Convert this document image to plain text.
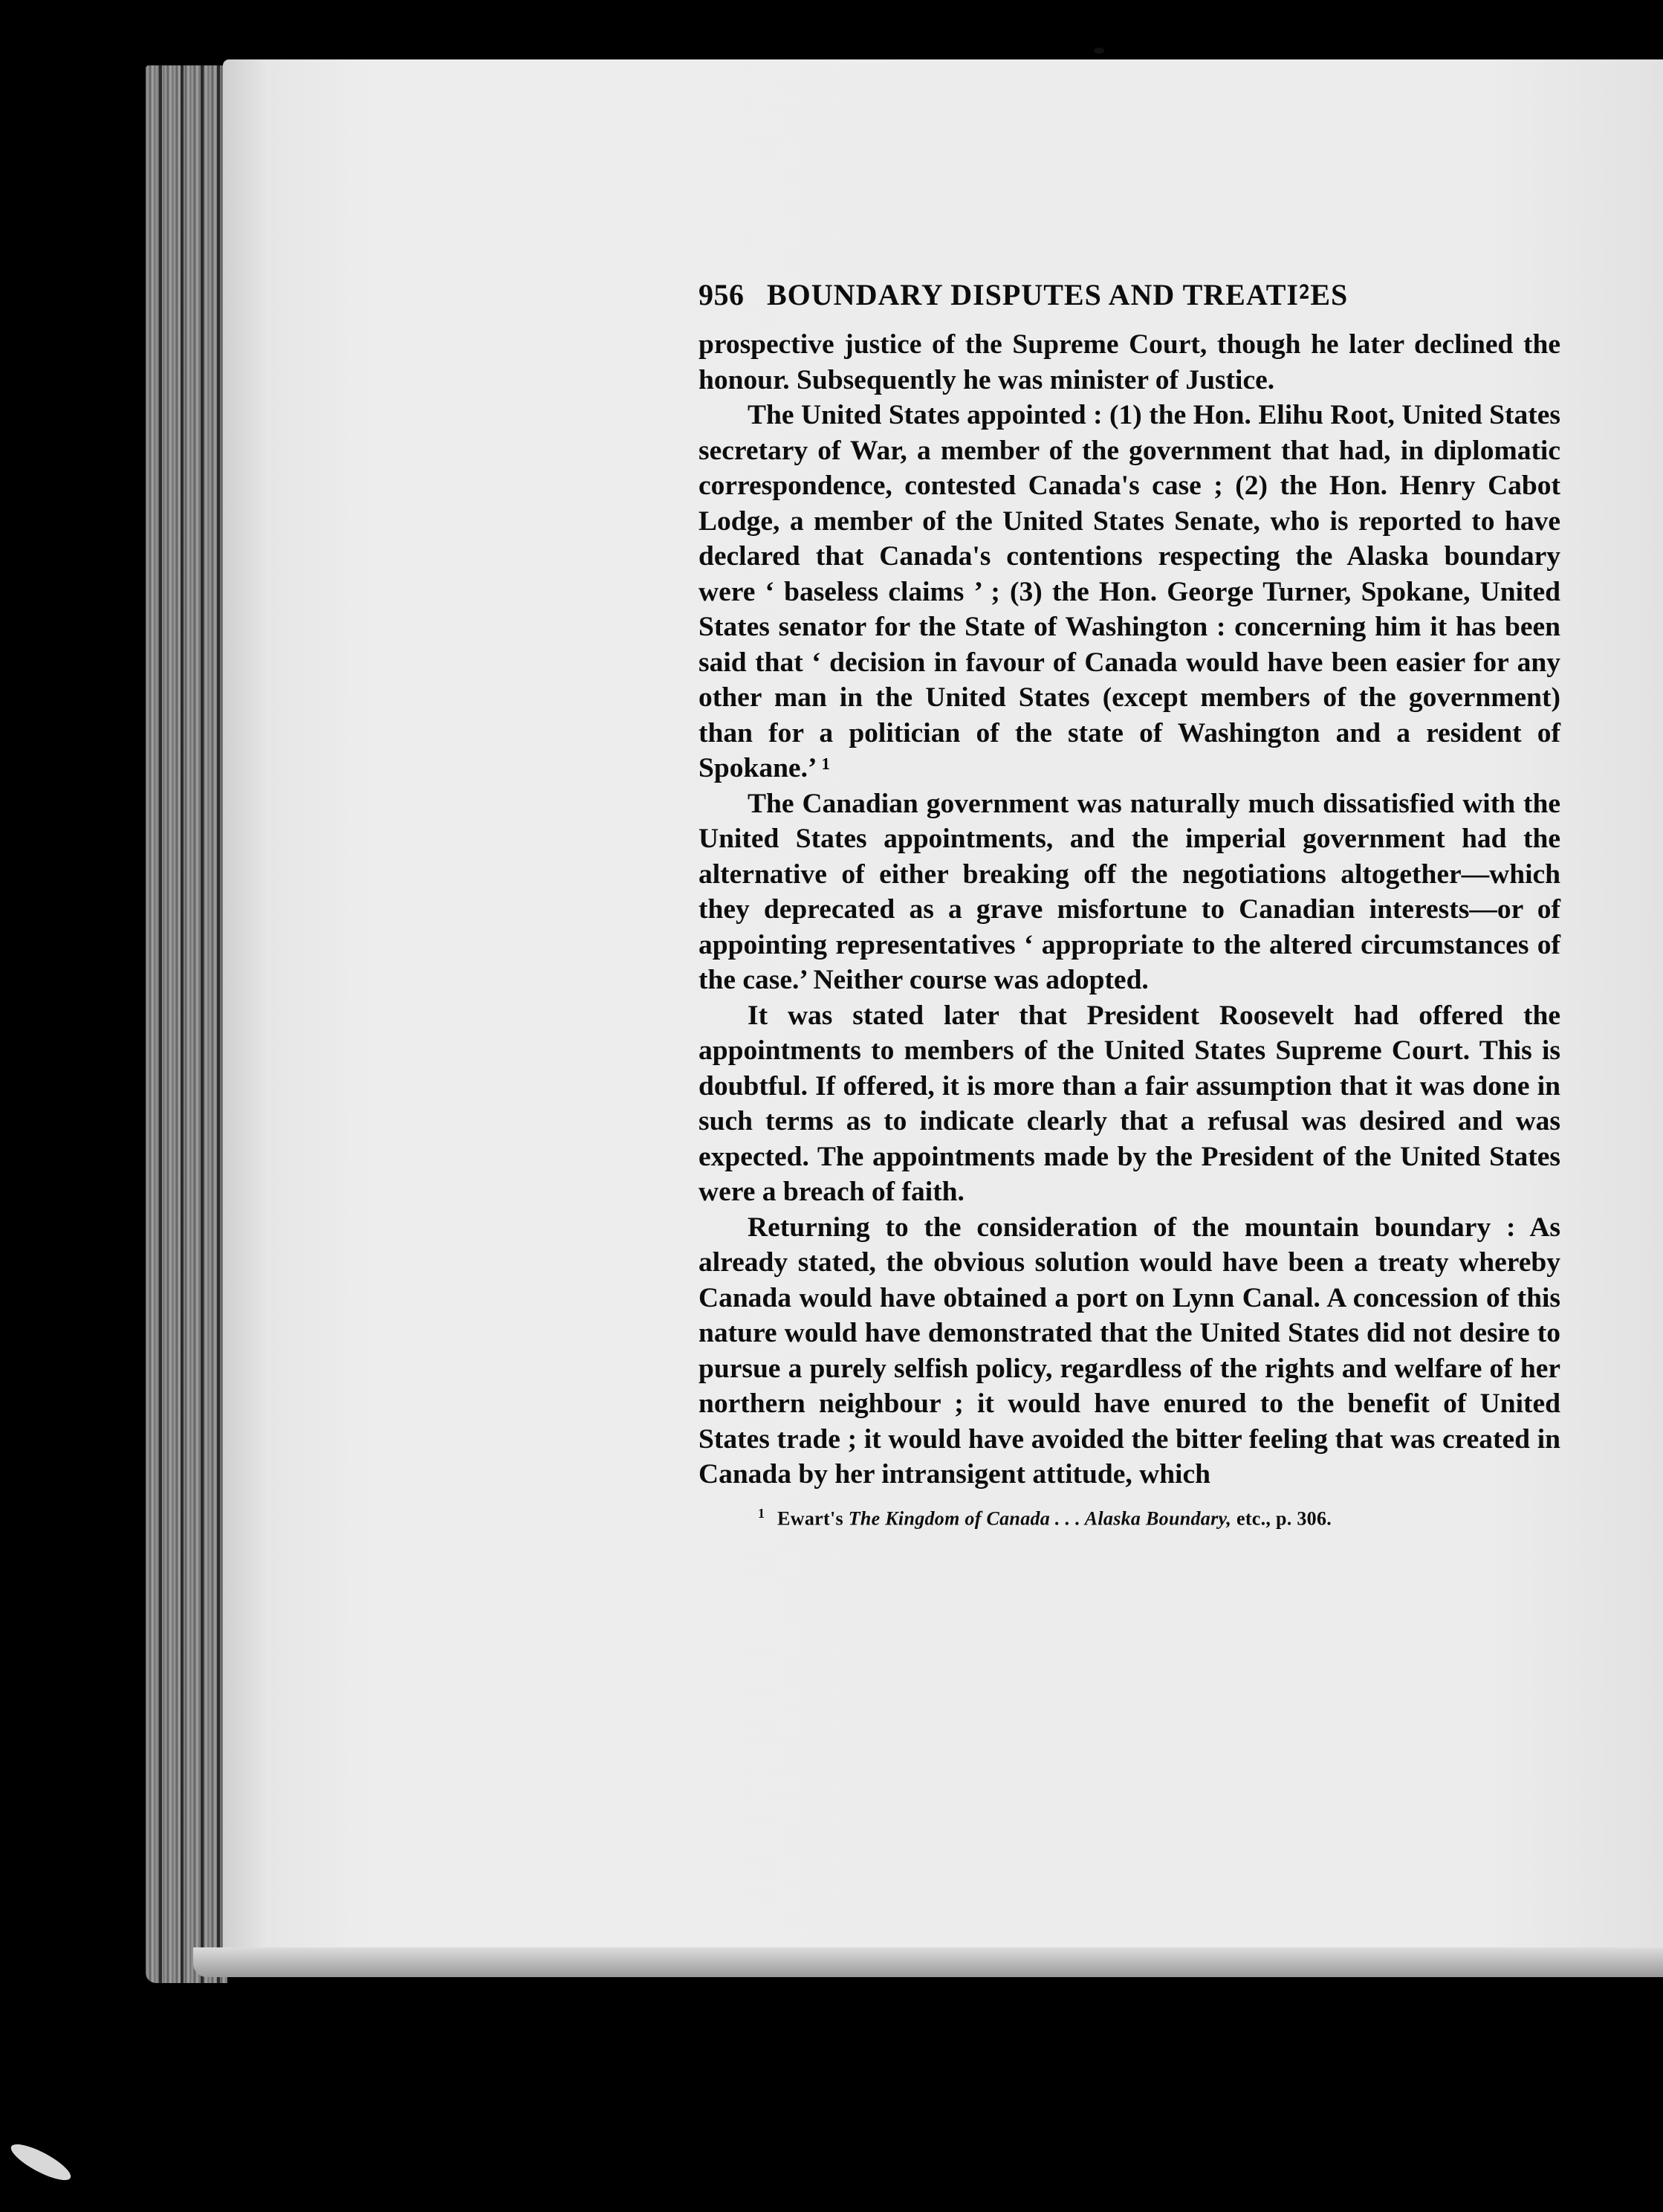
956 BOUNDARY DISPUTES AND TREATI⁲ES

prospective justice of the Supreme Court, though he later declined the honour. Subsequently he was minister of Justice.

The United States appointed : (1) the Hon. Elihu Root, United States secretary of War, a member of the government that had, in diplomatic correspondence, contested Canada's case ; (2) the Hon. Henry Cabot Lodge, a member of the United States Senate, who is reported to have declared that Canada's contentions respecting the Alaska boundary were ‘ baseless claims ’ ; (3) the Hon. George Turner, Spokane, United States senator for the State of Washington : concerning him it has been said that ‘ decision in favour of Canada would have been easier for any other man in the United States (except members of the government) than for a politician of the state of Washington and a resident of Spokane.’ ¹

The Canadian government was naturally much dissatisfied with the United States appointments, and the imperial government had the alternative of either breaking off the negotiations altogether—which they deprecated as a grave misfortune to Canadian interests—or of appointing representatives ‘ appropriate to the altered circumstances of the case.’ Neither course was adopted.

It was stated later that President Roosevelt had offered the appointments to members of the United States Supreme Court. This is doubtful. If offered, it is more than a fair assumption that it was done in such terms as to indicate clearly that a refusal was desired and was expected. The appointments made by the President of the United States were a breach of faith.

Returning to the consideration of the mountain boundary : As already stated, the obvious solution would have been a treaty whereby Canada would have obtained a port on Lynn Canal. A concession of this nature would have demonstrated that the United States did not desire to pursue a purely selfish policy, regardless of the rights and welfare of her northern neighbour ; it would have enured to the benefit of United States trade ; it would have avoided the bitter feeling that was created in Canada by her intransigent attitude, which

$^1$ Ewart's The Kingdom of Canada . . . Alaska Boundary, etc., p. 306.
